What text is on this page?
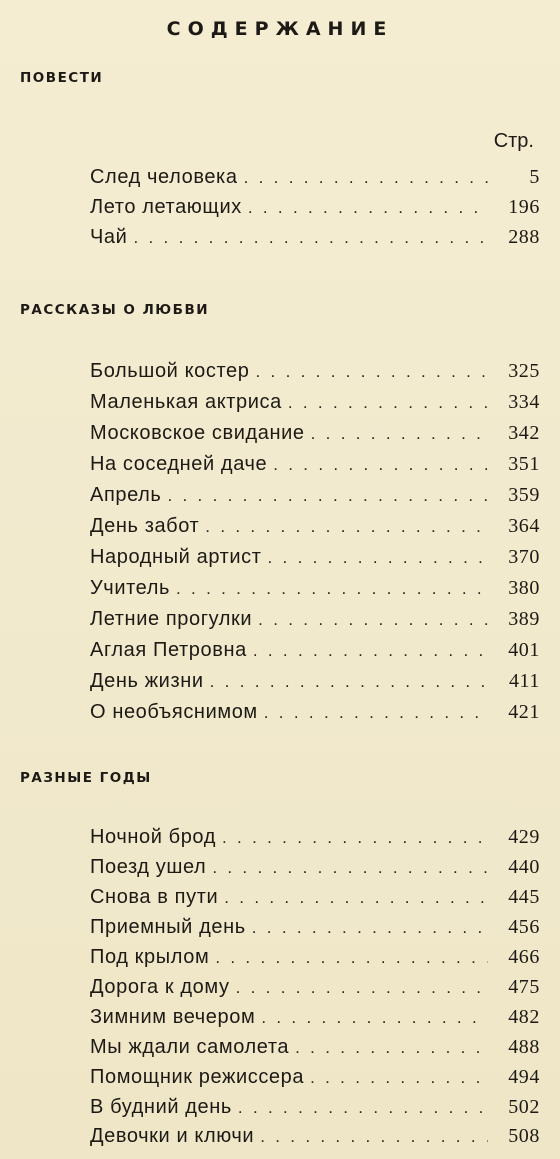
СОДЕРЖАНИЕ
ПОВЕСТИ
Стр.
След человека . . .	5
Лето летающих . . .	196
Чай . . .	288
РАССКАЗЫ О ЛЮБВИ
Большой костер . . .	325
Маленькая актриса . . .	334
Московское свидание . . .	342
На соседней даче . . .	351
Апрель . . .	359
День забот . . .	364
Народный артист . . .	370
Учитель . . .	380
Летние прогулки . . .	389
Аглая Петровна . . .	401
День жизни . . .	411
О необъяснимом . . .	421
РАЗНЫЕ ГОДЫ
Ночной брод . . .	429
Поезд ушел . . .	440
Снова в пути . . .	445
Приемный день . . .	456
Под крылом . . .	466
Дорога к дому . . .	475
Зимним вечером . . .	482
Мы ждали самолета . . .	488
Помощник режиссера . . .	494
В будний день . . .	502
Девочки и ключи . . .	508
